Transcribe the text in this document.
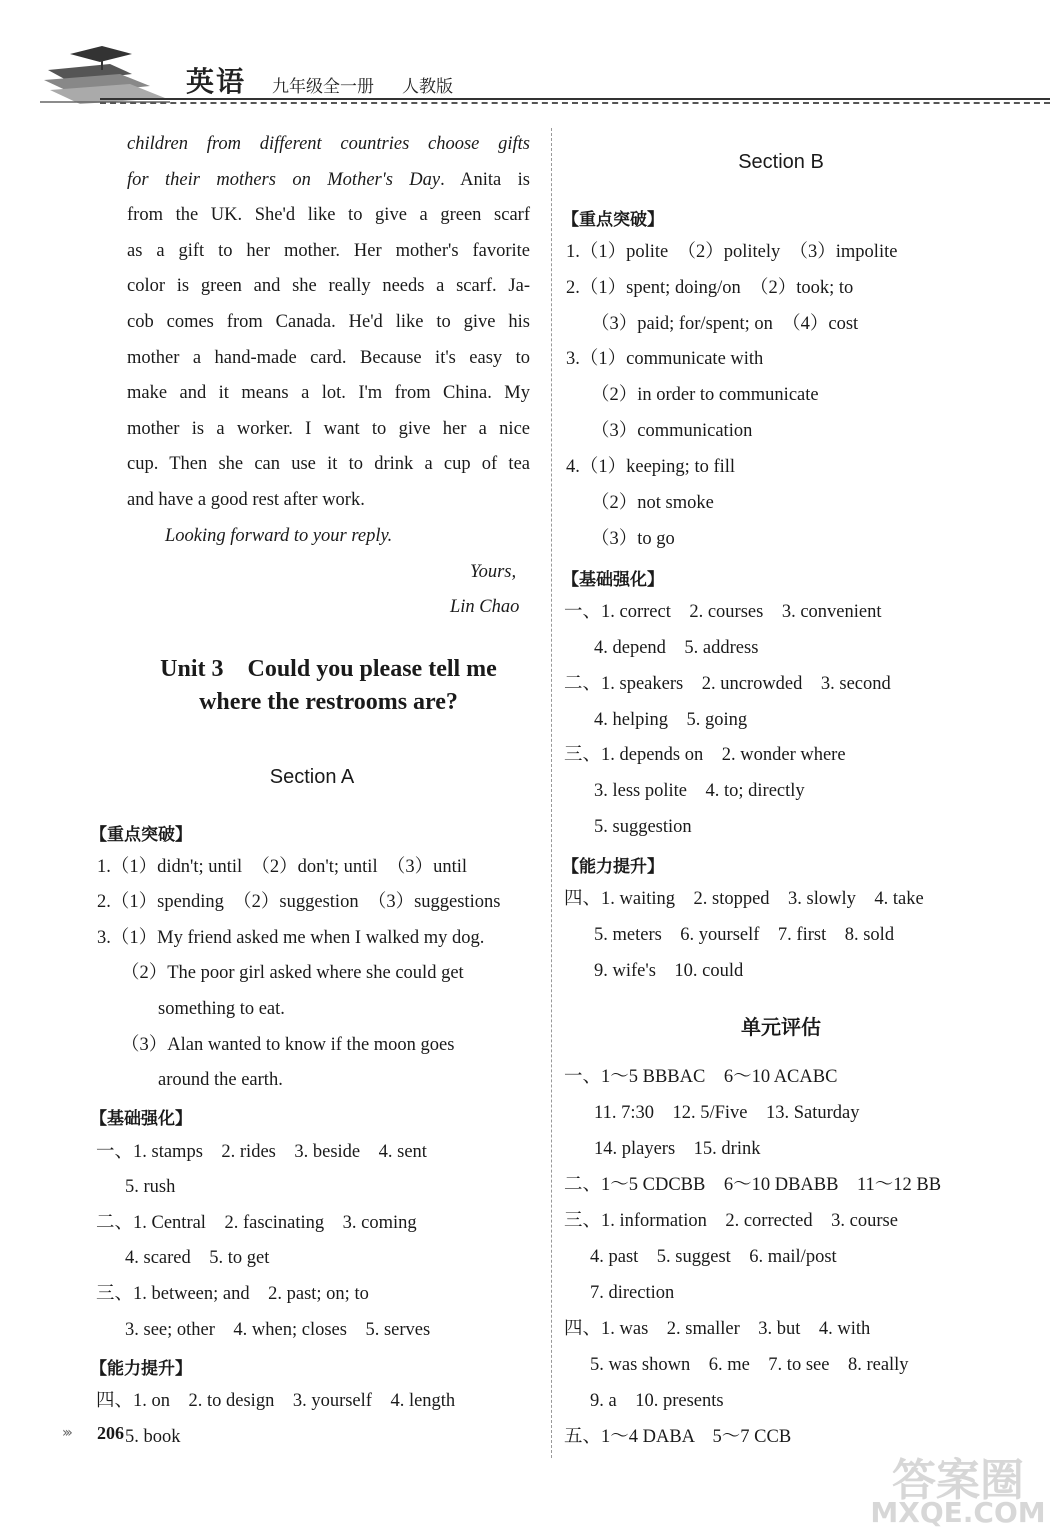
英语 九年级全一册 人教版
children from different countries choose gifts
for their mothers on Mother's Day. Anita is
from the UK. She'd like to give a green scarf
as a gift to her mother. Her mother's favorite
color is green and she really needs a scarf. Ja-
cob comes from Canada. He'd like to give his
mother a hand-made card. Because it's easy to
make and it means a lot. I'm from China. My
mother is a worker. I want to give her a nice
cup. Then she can use it to drink a cup of tea
and have a good rest after work.
Looking forward to your reply.
Yours,
Lin Chao
Unit 3　Could you please tell me
where the restrooms are?
Section A
【重点突破】
1.（1）didn't; until　（2）don't; until　（3）until
2.（1）spending　（2）suggestion　（3）suggestions
3.（1）My friend asked me when I walked my dog.
（2）The poor girl asked where she could get
something to eat.
（3）Alan wanted to know if the moon goes
around the earth.
【基础强化】
一、1. stamps　2. rides　3. beside　4. sent
5. rush
二、1. Central　2. fascinating　3. coming
4. scared　5. to get
三、1. between; and　2. past; on; to
3. see; other　4. when; closes　5. serves
【能力提升】
四、1. on　2. to design　3. yourself　4. length
5. book
Section B
【重点突破】
1.（1）polite　（2）politely　（3）impolite
2.（1）spent; doing/on　（2）took; to
（3）paid; for/spent; on　（4）cost
3.（1）communicate with
（2）in order to communicate
（3）communication
4.（1）keeping; to fill
（2）not smoke
（3）to go
【基础强化】
一、1. correct　2. courses　3. convenient
4. depend　5. address
二、1. speakers　2. uncrowded　3. second
4. helping　5. going
三、1. depends on　2. wonder where
3. less polite　4. to; directly
5. suggestion
【能力提升】
四、1. waiting　2. stopped　3. slowly　4. take
5. meters　6. yourself　7. first　8. sold
9. wife's　10. could
单元评估
一、1～5 BBBAC　6～10 ACABC
11. 7:30　12. 5/Five　13. Saturday
14. players　15. drink
二、1～5 CDCBB　6～10 DBABB　11～12 BB
三、1. information　2. corrected　3. course
4. past　5. suggest　6. mail/post
7. direction
四、1. was　2. smaller　3. but　4. with
5. was shown　6. me　7. to see　8. really
9. a　10. presents
五、1～4 DABA　5～7 CCB
››› 206
答案圈
MXQE.COM
